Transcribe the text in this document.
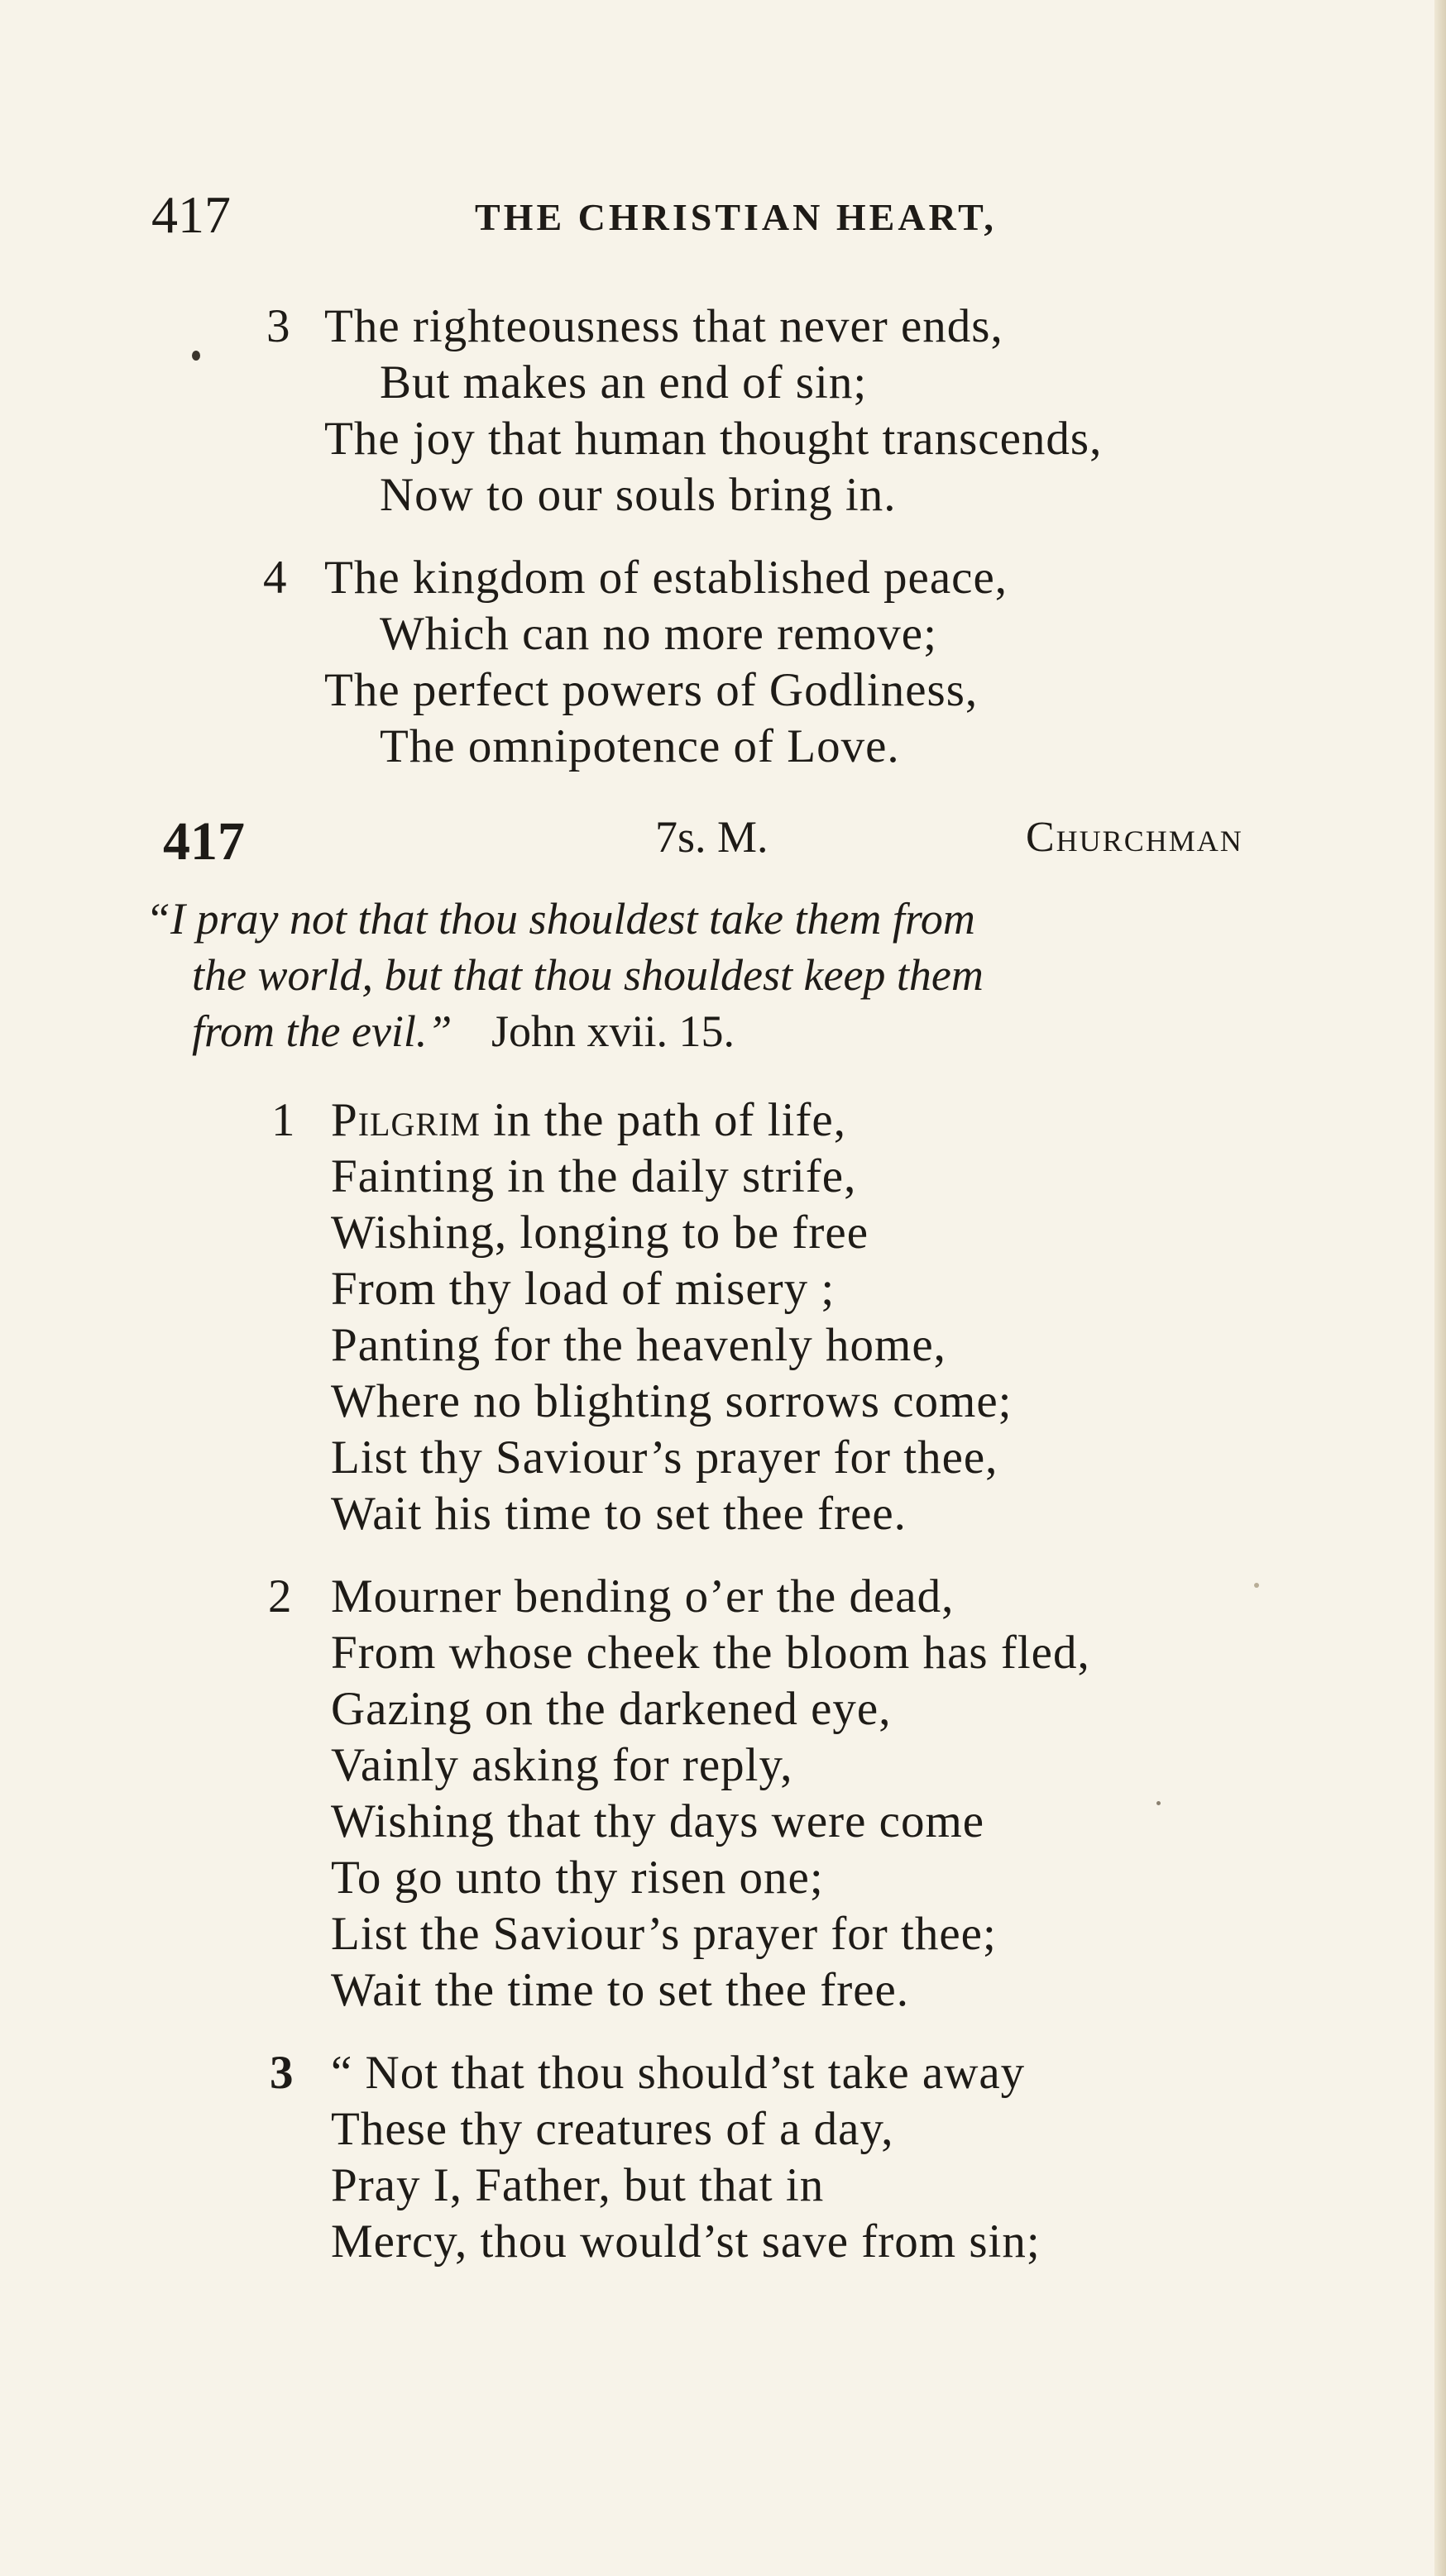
417	THE CHRISTIAN HEART,
3 The righteousness that never ends,
But makes an end of sin;
The joy that human thought transcends,
Now to our souls bring in.
4 The kingdom of established peace,
Which can no more remove;
The perfect powers of Godliness,
The omnipotence of Love.
417	7s. M.	Churchman
“I pray not that thou shouldest take them from
the world, but that thou shouldest keep them
from the evil.” John xvii. 15.
1 Pilgrim in the path of life,
Fainting in the daily strife,
Wishing, longing to be free
From thy load of misery ;
Panting for the heavenly home,
Where no blighting sorrows come;
List thy Saviour’s prayer for thee,
Wait his time to set thee free.
2 Mourner bending o’er the dead,
From whose cheek the bloom has fled,
Gazing on the darkened eye,
Vainly asking for reply,
Wishing that thy days were come
To go unto thy risen one;
List the Saviour’s prayer for thee;
Wait the time to set thee free.
3 “ Not that thou should’st take away
These thy creatures of a day,
Pray I, Father, but that in
Mercy, thou would’st save from sin;
